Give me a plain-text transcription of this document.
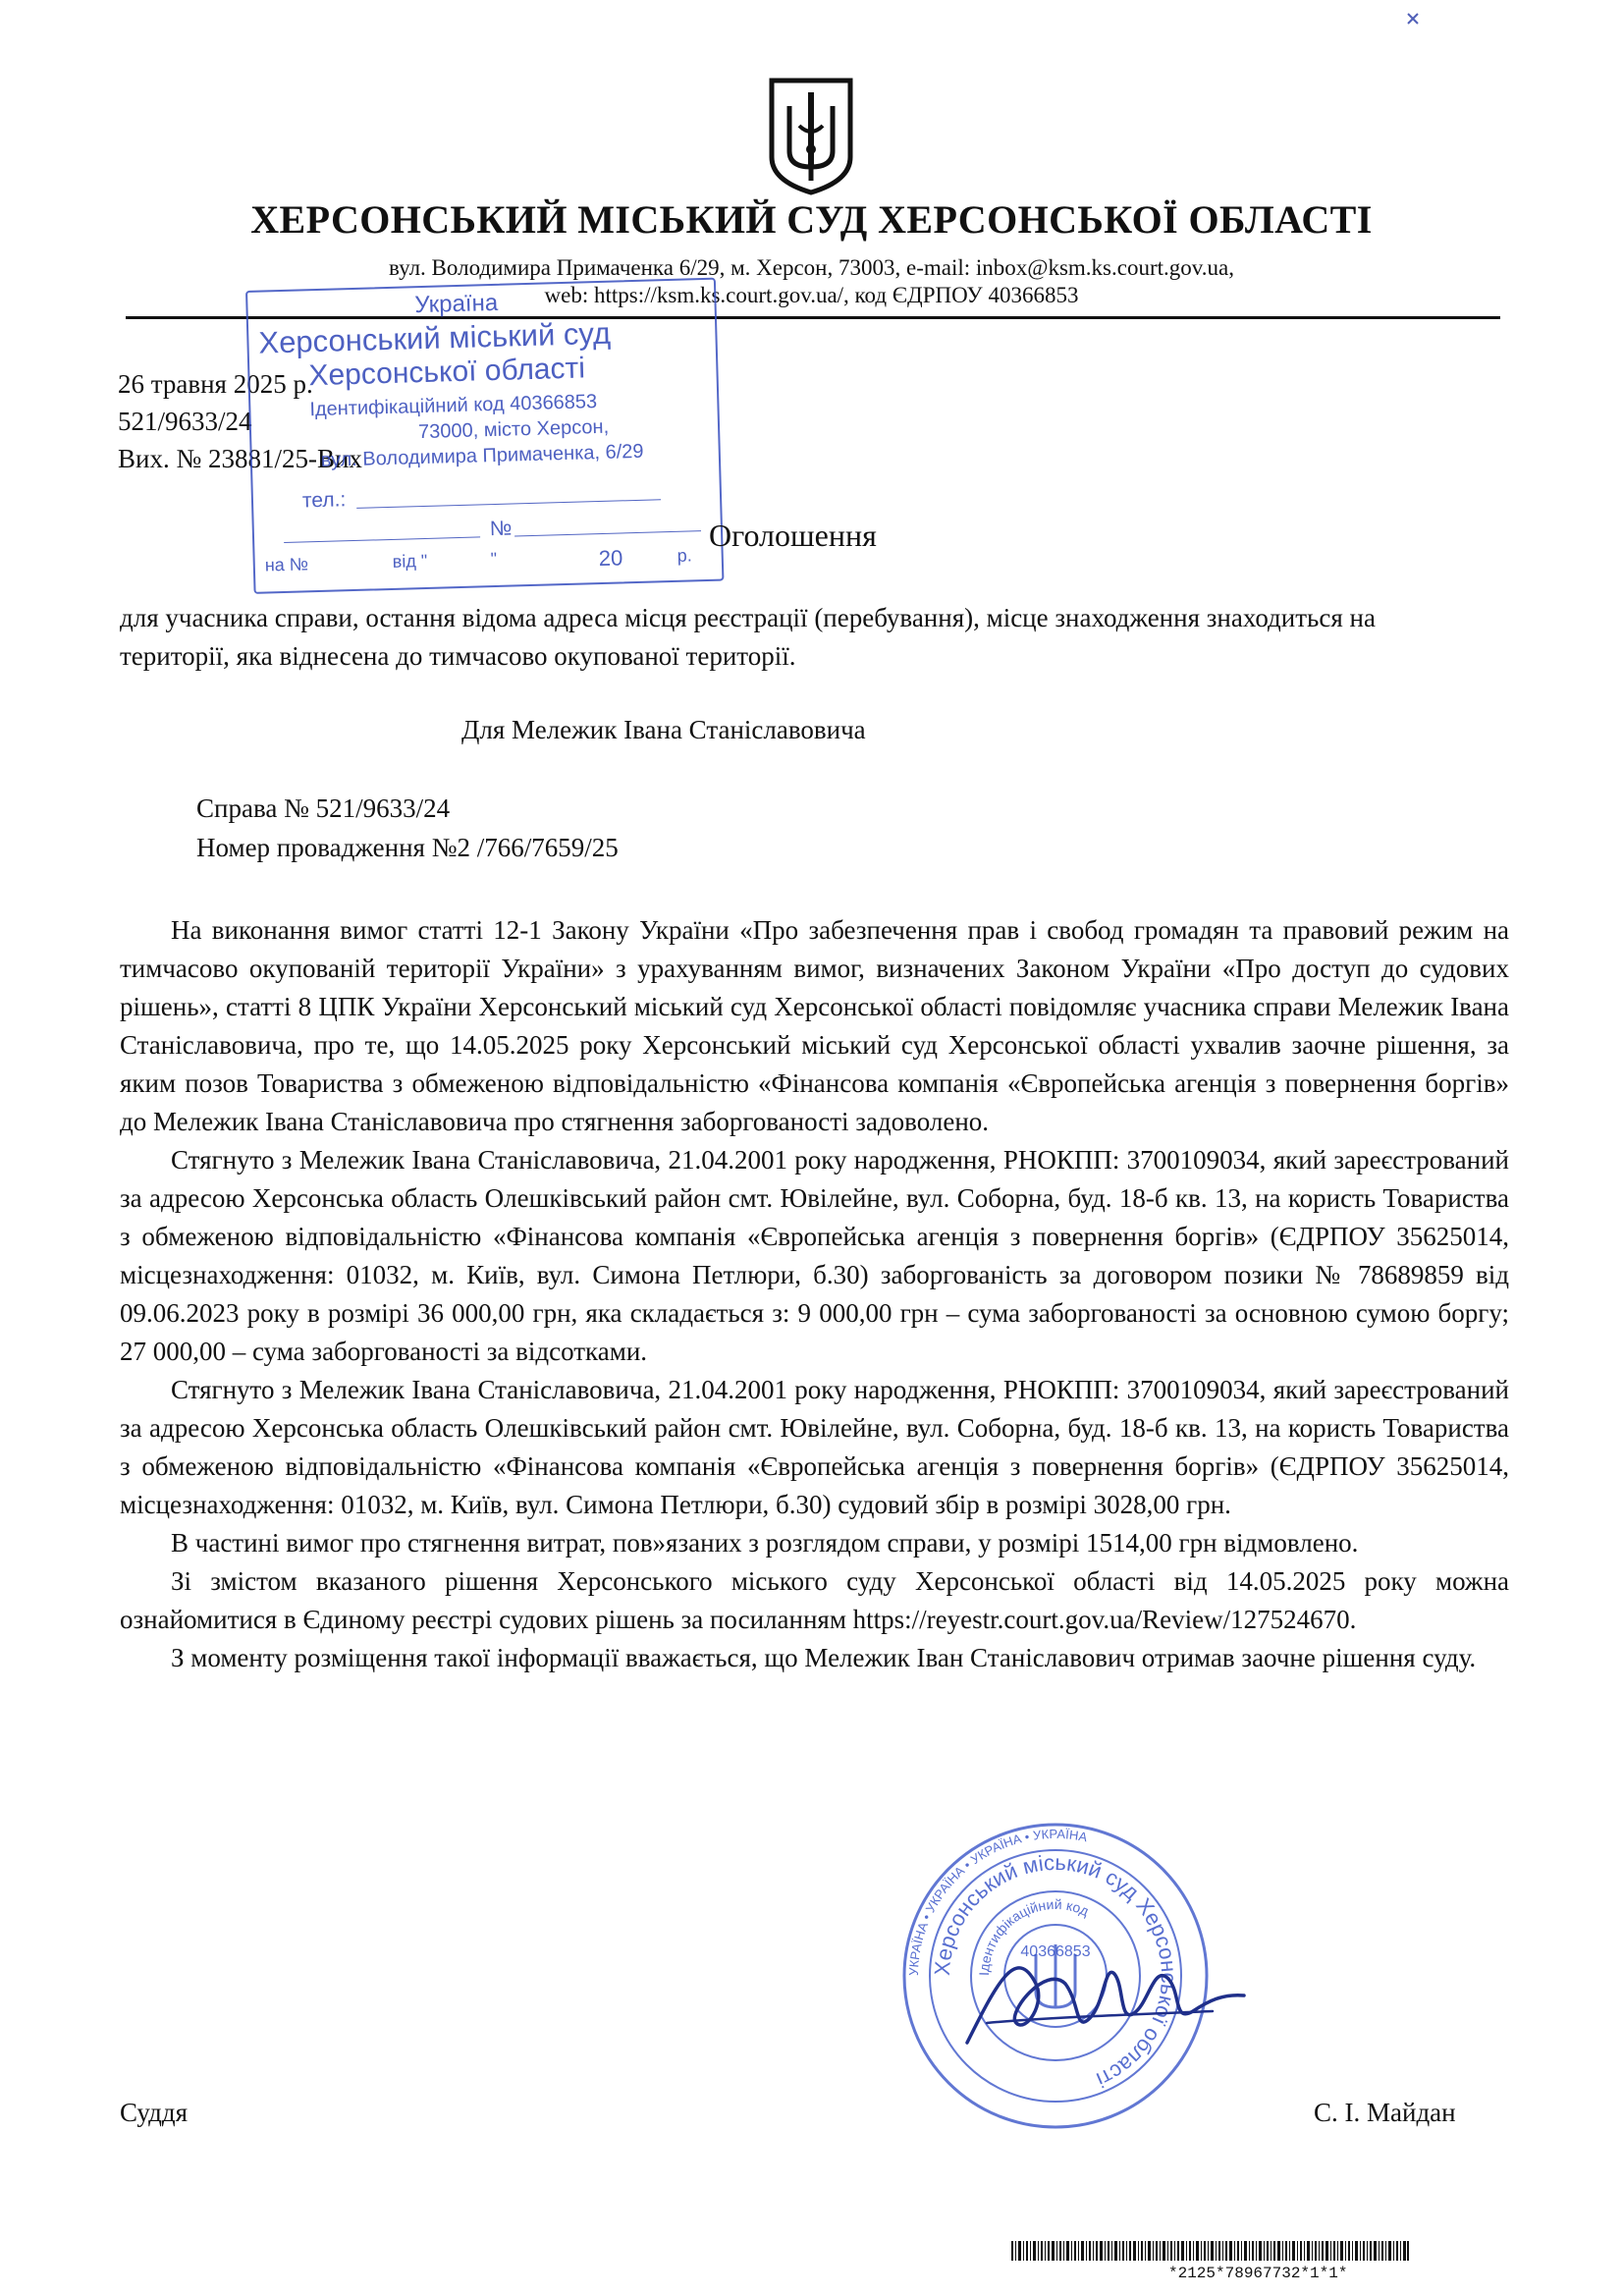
ХЕРСОНСЬКИЙ МІСЬКИЙ СУД ХЕРСОНСЬКОЇ ОБЛАСТІ
вул. Володимира Примаченка 6/29, м. Херсон, 73003, e-mail: inbox@ksm.ks.court.gov.ua,
web: https://ksm.ks.court.gov.ua/, код ЄДРПОУ 40366853
26 травня 2025 р.
521/9633/24
Вих. № 23881/25-Вих
Україна
Херсонський міський суд
Херсонської області
Ідентифікаційний код 40366853
73000, місто Херсон,
вул. Володимира Примаченка, 6/29
тел.:
№
на №	від "	"	20	р.
Оголошення
для учасника справи, остання відома адреса місця реєстрації (перебування), місце знаходження знаходиться на території, яка віднесена до тимчасово окупованої території.
Для Мележик Івана Станіславовича
Справа № 521/9633/24
Номер провадження №2 /766/7659/25

На виконання вимог статті 12-1 Закону України «Про забезпечення прав і свобод громадян та правовий режим на тимчасово окупованій території України» з урахуванням вимог, визначених Законом України «Про доступ до судових рішень», статті 8 ЦПК України Херсонський міський суд Херсонської області повідомляє учасника справи Мележик Івана Станіславовича, про те, що 14.05.2025 року Херсонський міський суд Херсонської області ухвалив заочне рішення, за яким позов Товариства з обмеженою відповідальністю «Фінансова компанія «Європейська агенція з повернення боргів» до Мележик Івана Станіславовича про стягнення заборгованості задоволено.

Стягнуто з Мележик Івана Станіславовича, 21.04.2001 року народження, РНОКПП: 3700109034, який зареєстрований за адресою Херсонська область Олешківський район смт. Ювілейне, вул. Соборна, буд. 18-б кв. 13, на користь Товариства з обмеженою відповідальністю «Фінансова компанія «Європейська агенція з повернення боргів» (ЄДРПОУ 35625014, місцезнаходження: 01032, м. Київ, вул. Симона Петлюри, б.30) заборгованість за договором позики № 78689859 від 09.06.2023 року в розмірі 36 000,00 грн, яка складається з: 9 000,00 грн – сума заборгованості за основною сумою боргу; 27 000,00 – сума заборгованості за відсотками.

Стягнуто з Мележик Івана Станіславовича, 21.04.2001 року народження, РНОКПП: 3700109034, який зареєстрований за адресою Херсонська область Олешківський район смт. Ювілейне, вул. Соборна, буд. 18-б кв. 13, на користь Товариства з обмеженою відповідальністю «Фінансова компанія «Європейська агенція з повернення боргів» (ЄДРПОУ 35625014, місцезнаходження: 01032, м. Київ, вул. Симона Петлюри, б.30) судовий збір в розмірі 3028,00 грн.

В частині вимог про стягнення витрат, пов»язаних з розглядом справи, у розмірі 1514,00 грн відмовлено.

Зі змістом вказаного рішення Херсонського міського суду Херсонської області від 14.05.2025 року можна ознайомитися в Єдиному реєстрі судових рішень за посиланням https://reyestr.court.gov.ua/Review/127524670.

З моменту розміщення такої інформації вважається, що Мележик Іван Станіславович отримав заочне рішення суду.

Суддя	С. І. Майдан
УКРАЇНА • УКРАЇНА • УКРАЇНА • УКРАЇНА
Херсонський міський суд Херсонської області
Ідентифікаційний код
40366853
*2125*78967732*1*1*
